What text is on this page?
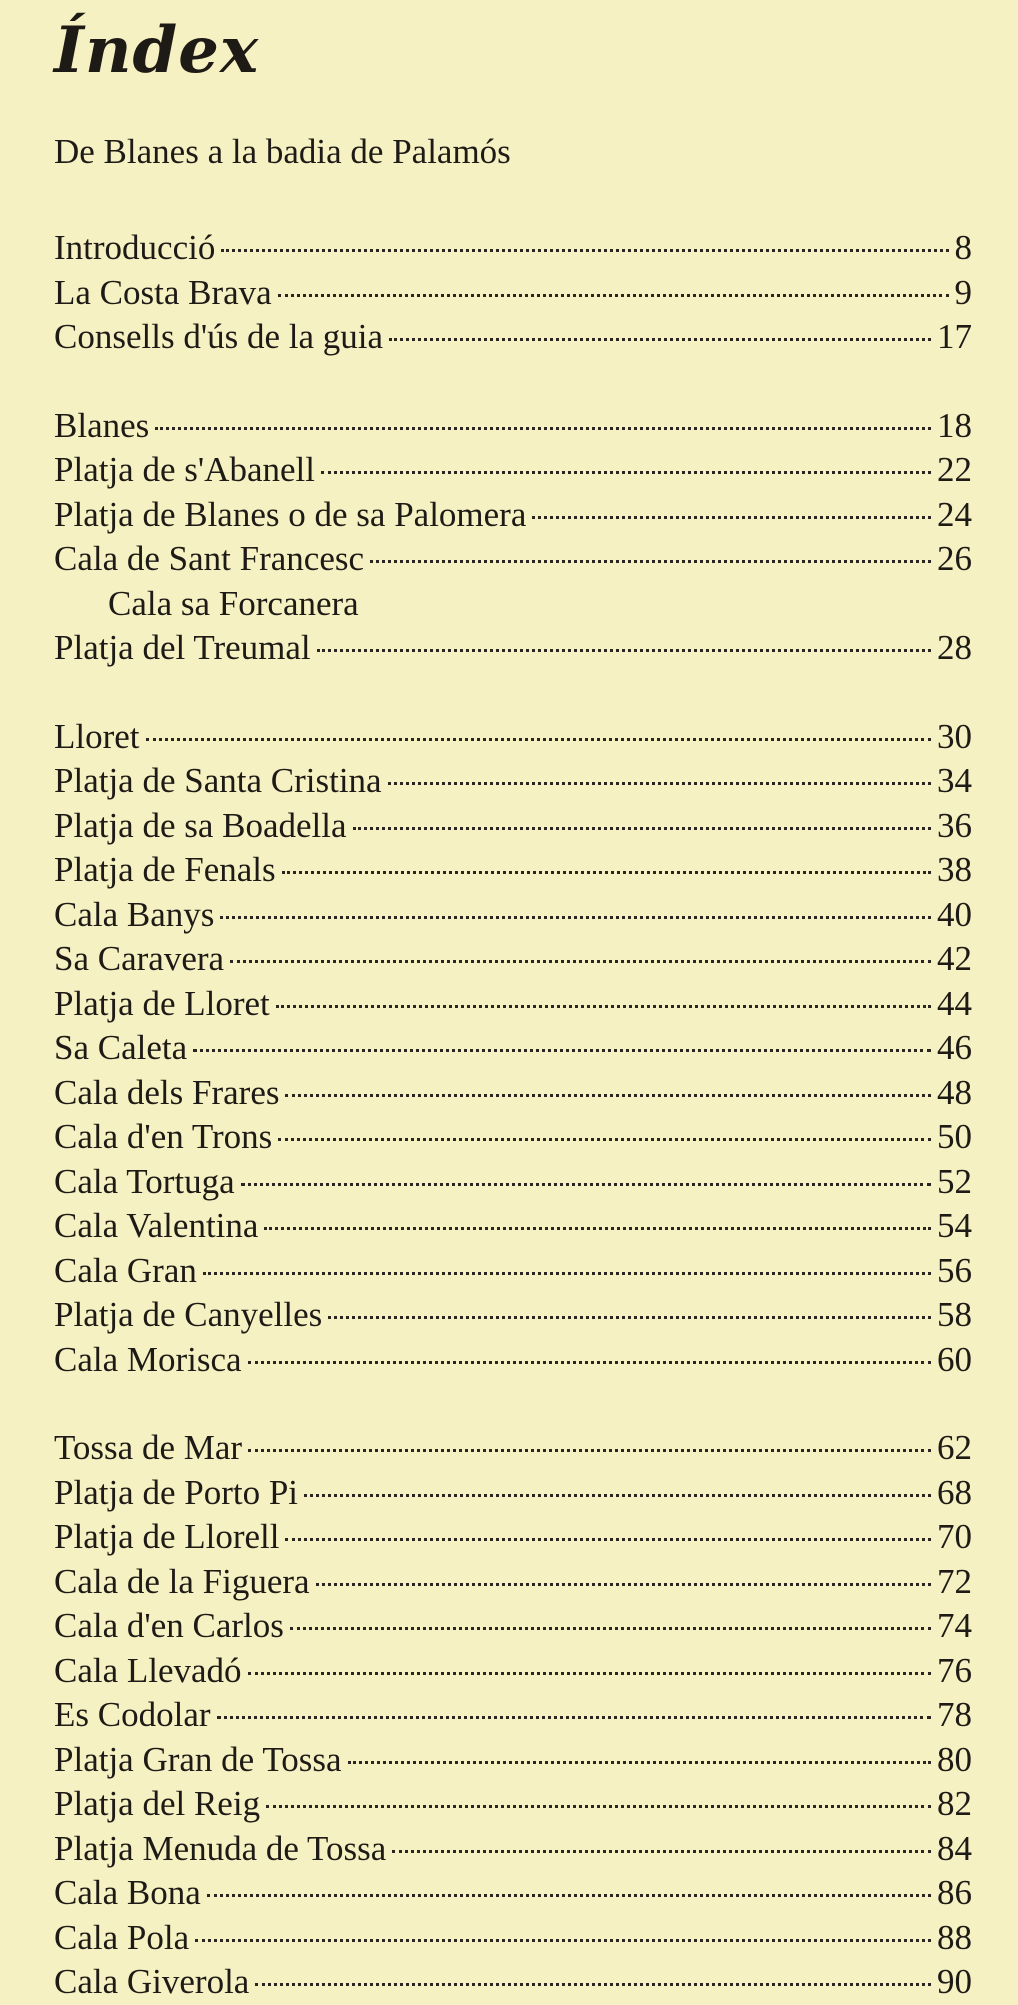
Índex
De Blanes a la badia de Palamós
Introducció	8
La Costa Brava	9
Consells d'ús de la guia	17
Blanes	18
Platja de s'Abanell	22
Platja de Blanes o de sa Palomera	24
Cala de Sant Francesc	26
Cala sa Forcanera
Platja del Treumal	28
Lloret	30
Platja de Santa Cristina	34
Platja de sa Boadella	36
Platja de Fenals	38
Cala Banys	40
Sa Caravera	42
Platja de Lloret	44
Sa Caleta	46
Cala dels Frares	48
Cala d'en Trons	50
Cala Tortuga	52
Cala Valentina	54
Cala Gran	56
Platja de Canyelles	58
Cala Morisca	60
Tossa de Mar	62
Platja de Porto Pi	68
Platja de Llorell	70
Cala de la Figuera	72
Cala d'en Carlos	74
Cala Llevadó	76
Es Codolar	78
Platja Gran de Tossa	80
Platja del Reig	82
Platja Menuda de Tossa	84
Cala Bona	86
Cala Pola	88
Cala Giverola	90
